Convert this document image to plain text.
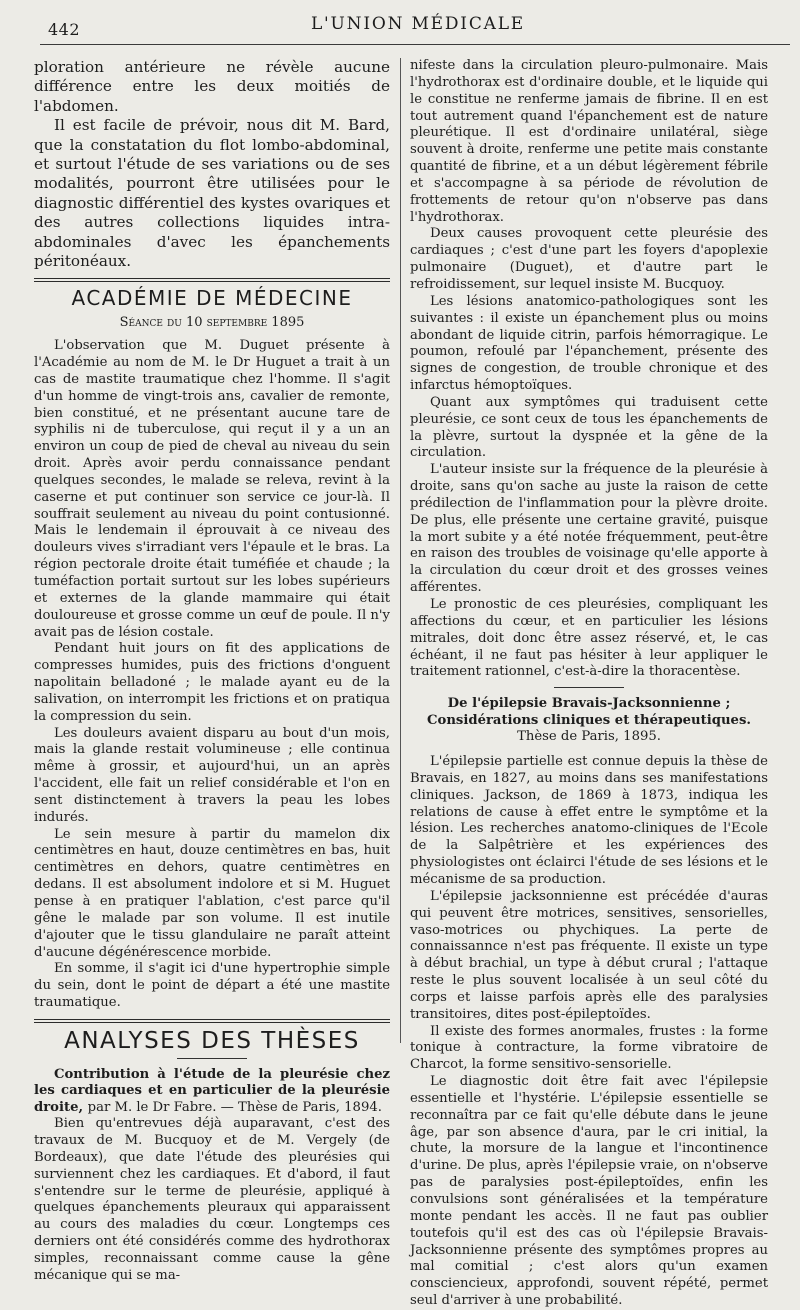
442	L'UNION MÉDICALE

ploration antérieure ne révèle aucune différence entre les deux moitiés de l'abdomen.

Il est facile de prévoir, nous dit M. Bard, que la constatation du flot lombo-abdominal, et surtout l'étude de ses variations ou de ses modalités, pourront être utilisées pour le diagnostic différentiel des kystes ovariques et des autres collections liquides intra-abdominales d'avec les épanchements péritonéaux.

ACADÉMIE DE MÉDECINE
Séance du 10 septembre 1895

L'observation que M. Duguet présente à l'Académie au nom de M. le Dr Huguet a trait à un cas de mastite traumatique chez l'homme. Il s'agit d'un homme de vingt-trois ans, cavalier de remonte, bien constitué, et ne présentant aucune tare de syphilis ni de tuberculose, qui reçut il y a un an environ un coup de pied de cheval au niveau du sein droit. Après avoir perdu connaissance pendant quelques secondes, le malade se releva, revint à la caserne et put continuer son service ce jour-là. Il souffrait seulement au niveau du point contusionné. Mais le lendemain il éprouvait à ce niveau des douleurs vives s'irradiant vers l'épaule et le bras. La région pectorale droite était tuméfiée et chaude ; la tuméfaction portait surtout sur les lobes supérieurs et externes de la glande mammaire qui était douloureuse et grosse comme un œuf de poule. Il n'y avait pas de lésion costale.

Pendant huit jours on fit des applications de compresses humides, puis des frictions d'onguent napolitain belladoné ; le malade ayant eu de la salivation, on interrompit les frictions et on pratiqua la compression du sein.

Les douleurs avaient disparu au bout d'un mois, mais la glande restait volumineuse ; elle continua même à grossir, et aujourd'hui, un an après l'accident, elle fait un relief considérable et l'on en sent distinctement à travers la peau les lobes indurés.

Le sein mesure à partir du mamelon dix centimètres en haut, douze centimètres en bas, huit centimètres en dehors, quatre centimètres en dedans. Il est absolument indolore et si M. Huguet pense à en pratiquer l'ablation, c'est parce qu'il gêne le malade par son volume. Il est inutile d'ajouter que le tissu glandulaire ne paraît atteint d'aucune dégénérescence morbide.

En somme, il s'agit ici d'une hypertrophie simple du sein, dont le point de départ a été une mastite traumatique.

ANALYSES DES THÈSES

Contribution à l'étude de la pleurésie chez les cardiaques et en particulier de la pleurésie droite, par M. le Dr Fabre. — Thèse de Paris, 1894.

Bien qu'entrevues déjà auparavant, c'est des travaux de M. Bucquoy et de M. Vergely (de Bordeaux), que date l'étude des pleurésies qui surviennent chez les cardiaques. Et d'abord, il faut s'entendre sur le terme de pleurésie, appliqué à quelques épanchements pleuraux qui apparaissent au cours des maladies du cœur. Longtemps ces derniers ont été considérés comme des hydrothorax simples, reconnaissant comme cause la gêne mécanique qui se ma-

nifeste dans la circulation pleuro-pulmonaire. Mais l'hydrothorax est d'ordinaire double, et le liquide qui le constitue ne renferme jamais de fibrine. Il en est tout autrement quand l'épanchement est de nature pleurétique. Il est d'ordinaire unilatéral, siège souvent à droite, renferme une petite mais constante quantité de fibrine, et a un début légèrement fébrile et s'accompagne à sa période de révolution de frottements de retour qu'on n'observe pas dans l'hydrothorax.

Deux causes provoquent cette pleurésie des cardiaques ; c'est d'une part les foyers d'apoplexie pulmonaire (Duguet), et d'autre part le refroidissement, sur lequel insiste M. Bucquoy.

Les lésions anatomico-pathologiques sont les suivantes : il existe un épanchement plus ou moins abondant de liquide citrin, parfois hémorragique. Le poumon, refoulé par l'épanchement, présente des signes de congestion, de trouble chronique et des infarctus hémoptoïques.

Quant aux symptômes qui traduisent cette pleurésie, ce sont ceux de tous les épanchements de la plèvre, surtout la dyspnée et la gêne de la circulation.

L'auteur insiste sur la fréquence de la pleurésie à droite, sans qu'on sache au juste la raison de cette prédilection de l'inflammation pour la plèvre droite. De plus, elle présente une certaine gravité, puisque la mort subite y a été notée fréquemment, peut-être en raison des troubles de voisinage qu'elle apporte à la circulation du cœur droit et des grosses veines afférentes.

Le pronostic de ces pleurésies, compliquant les affections du cœur, et en particulier les lésions mitrales, doit donc être assez réservé, et, le cas échéant, il ne faut pas hésiter à leur appliquer le traitement rationnel, c'est-à-dire la thoracentèse.

De l'épilepsie Bravais-Jacksonnienne ;
Considérations cliniques et thérapeutiques.
Thèse de Paris, 1895.

L'épilepsie partielle est connue depuis la thèse de Bravais, en 1827, au moins dans ses manifestations cliniques. Jackson, de 1869 à 1873, indiqua les relations de cause à effet entre le symptôme et la lésion. Les recherches anatomo-cliniques de l'Ecole de la Salpêtrière et les expériences des physiologistes ont éclairci l'étude de ses lésions et le mécanisme de sa production.

L'épilepsie jacksonnienne est précédée d'auras qui peuvent être motrices, sensitives, sensorielles, vaso-motrices ou phychiques. La perte de connaissannce n'est pas fréquente. Il existe un type à début brachial, un type à début crural ; l'attaque reste le plus souvent localisée à un seul côté du corps et laisse parfois après elle des paralysies transitoires, dites post-épileptoïdes.

Il existe des formes anormales, frustes : la forme tonique à contracture, la forme vibratoire de Charcot, la forme sensitivo-sensorielle.

Le diagnostic doit être fait avec l'épilepsie essentielle et l'hystérie. L'épilepsie essentielle se reconnaîtra par ce fait qu'elle débute dans le jeune âge, par son absence d'aura, par le cri initial, la chute, la morsure de la langue et l'incontinence d'urine. De plus, après l'épilepsie vraie, on n'observe pas de paralysies post-épileptoïdes, enfin les convulsions sont généralisées et la température monte pendant les accès. Il ne faut pas oublier toutefois qu'il est des cas où l'épilepsie Bravais-Jacksonnienne présente des symptômes propres au mal comitial ; c'est alors qu'un examen consciencieux, approfondi, souvent répété, permet seul d'arriver à une probabilité.
